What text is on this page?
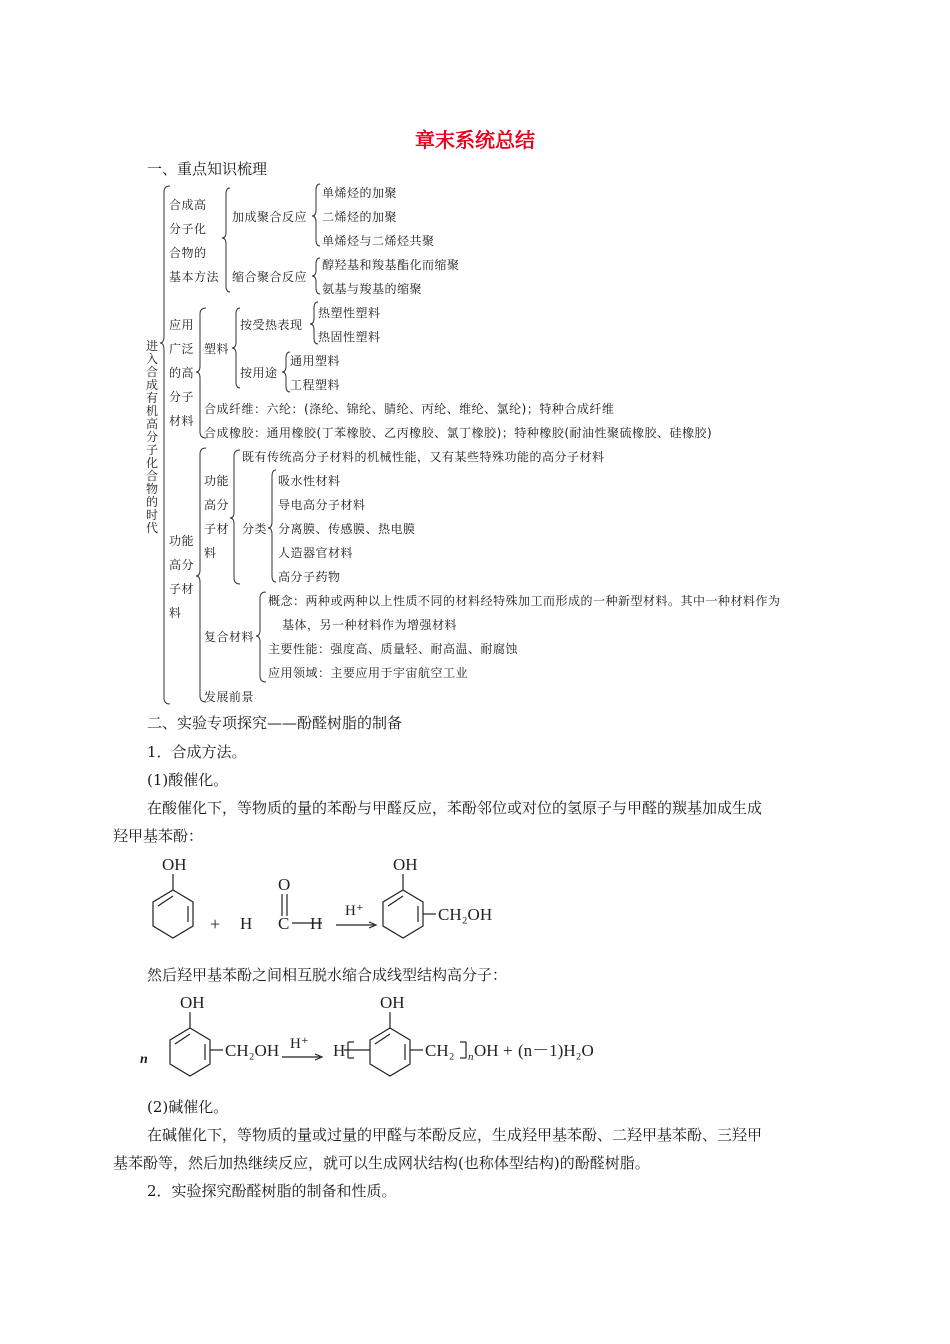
章末系统总结
一、重点知识梳理
进入合成有机高分子化合物的时代
合成高
分子化
合物的
基本方法
加成聚合反应
单烯烃的加聚
二烯烃的加聚
单烯烃与二烯烃共聚
缩合聚合反应
醇羟基和羧基酯化而缩聚
氨基与羧基的缩聚
应用
广泛
的高
分子
材料
塑料
按受热表现
热塑性塑料
热固性塑料
按用途
通用塑料
工程塑料
合成纤维：六纶：(涤纶、锦纶、腈纶、丙纶、维纶、氯纶)；特种合成纤维
合成橡胶：通用橡胶(丁苯橡胶、乙丙橡胶、氯丁橡胶)；特种橡胶(耐油性聚硫橡胶、硅橡胶)
功能
高分
子材
料
功能
高分
子材
料
既有传统高分子材料的机械性能，又有某些特殊功能的高分子材料
分类
吸水性材料
导电高分子材料
分离膜、传感膜、热电膜
人造器官材料
高分子药物
复合材料
概念：两种或两种以上性质不同的材料经特殊加工而形成的一种新型材料。其中一种材料作为
基体，另一种材料作为增强材料
主要性能：强度高、质量轻、耐高温、耐腐蚀
应用领域：主要应用于宇宙航空工业
发展前景
二、实验专项探究——酚醛树脂的制备
1．合成方法。
(1)酸催化。
在酸催化下，等物质的量的苯酚与甲醛反应，苯酚邻位或对位的氢原子与甲醛的羰基加成生成
羟甲基苯酚：
OH
+ H C
O
H
H⁺
OH
CH₂OH
然后羟甲基苯酚之间相互脱水缩合成线型结构高分子：
n
OH
CH₂OH H⁺ H
OH
CH₂ n OH + (n－1)H₂O
(2)碱催化。
在碱催化下，等物质的量或过量的甲醛与苯酚反应，生成羟甲基苯酚、二羟甲基苯酚、三羟甲
基苯酚等，然后加热继续反应，就可以生成网状结构(也称体型结构)的酚醛树脂。
2．实验探究酚醛树脂的制备和性质。
